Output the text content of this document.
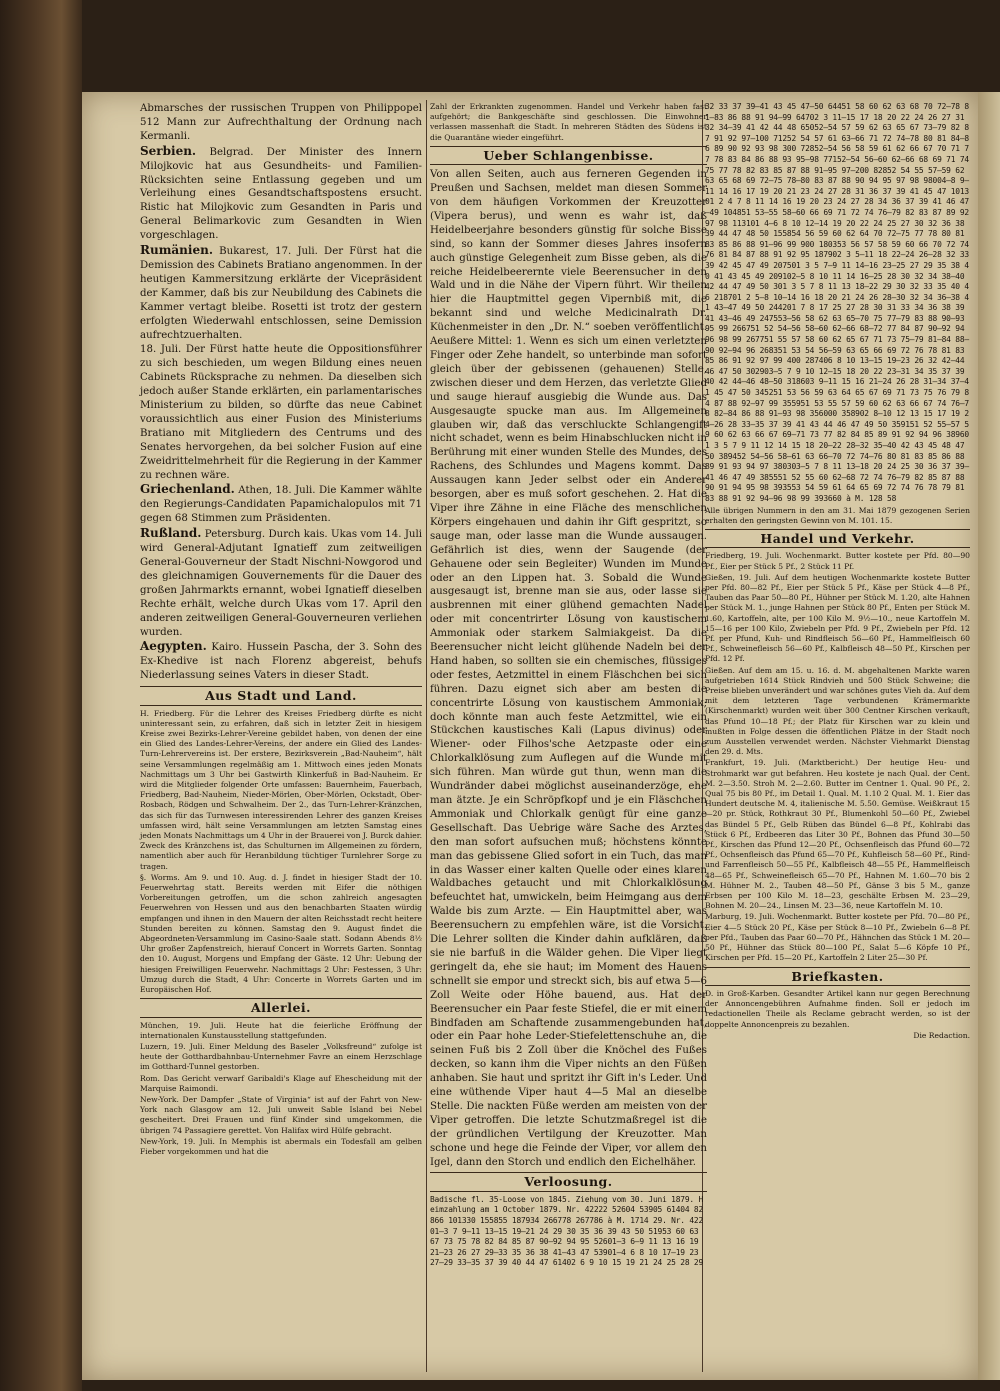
Abmarsches der russischen Truppen von Philippopel 512 Mann zur Aufrechthaltung der Ordnung nach Kermanli.

Serbien. Belgrad. Der Minister des Innern Milojkovic hat aus Gesundheits- und Familien-Rücksichten seine Entlassung gegeben und um Verleihung eines Gesandtschaftspostens ersucht. Ristic hat Milojkovic zum Gesandten in Paris und General Belimarkovic zum Gesandten in Wien vorgeschlagen.

Rumänien. Bukarest, 17. Juli. Der Fürst hat die Demission des Cabinets Bratiano angenommen. In der heutigen Kammersitzung erklärte der Vicepräsident der Kammer, daß bis zur Neubildung des Cabinets die Kammer vertagt bleibe. Rosetti ist trotz der gestern erfolgten Wiederwahl entschlossen, seine Demission aufrechtzuerhalten.

18. Juli. Der Fürst hatte heute die Oppositionsführer zu sich beschieden, um wegen Bildung eines neuen Cabinets Rücksprache zu nehmen. Da dieselben sich jedoch außer Stande erklärten, ein parlamentarisches Ministerium zu bilden, so dürfte das neue Cabinet voraussichtlich aus einer Fusion des Ministeriums Bratiano mit Mitgliedern des Centrums und des Senates hervorgehen, da bei solcher Fusion auf eine Zweidrittelmehrheit für die Regierung in der Kammer zu rechnen wäre.

Griechenland. Athen, 18. Juli. Die Kammer wählte den Regierungs-Candidaten Papamichalopulos mit 71 gegen 68 Stimmen zum Präsidenten.

Rußland. Petersburg. Durch kais. Ukas vom 14. Juli wird General-Adjutant Ignatieff zum zeitweiligen General-Gouverneur der Stadt Nischni-Nowgorod und des gleichnamigen Gouvernements für die Dauer des großen Jahrmarkts ernannt, wobei Ignatieff dieselben Rechte erhält, welche durch Ukas vom 17. April den anderen zeitweiligen General-Gouverneuren verliehen wurden.

Aegypten. Kairo. Hussein Pascha, der 3. Sohn des Ex-Khedive ist nach Florenz abgereist, behufs Niederlassung seines Vaters in dieser Stadt.

Aus Stadt und Land.

H. Friedberg. Für die Lehrer des Kreises Friedberg dürfte es nicht uninteressant sein, zu erfahren, daß sich in letzter Zeit in hiesigem Kreise zwei Bezirks-Lehrer-Vereine gebildet haben, von denen der eine ein Glied des Landes-Lehrer-Vereins, der andere ein Glied des Landes-Turn-Lehrervereins ist. Der erstere, Bezirksverein „Bad-Nauheim“, hält seine Versammlungen regelmäßig am 1. Mittwoch eines jeden Monats Nachmittags um 3 Uhr bei Gastwirth Klinkerfuß in Bad-Nauheim. Er wird die Mitglieder folgender Orte umfassen: Bauernheim, Fauerbach, Friedberg, Bad-Nauheim, Nieder-Mörlen, Ober-Mörlen, Ockstadt, Ober-Rosbach, Rödgen und Schwalheim. Der 2., das Turn-Lehrer-Kränzchen, das sich für das Turnwesen interessirenden Lehrer des ganzen Kreises umfassen wird, hält seine Versammlungen am letzten Samstag eines jeden Monats Nachmittags um 4 Uhr in der Brauerei von J. Burck dahier. Zweck des Kränzchens ist, das Schulturnen im Allgemeinen zu fördern, namentlich aber auch für Heranbildung tüchtiger Turnlehrer Sorge zu tragen.

§. Worms. Am 9. und 10. Aug. d. J. findet in hiesiger Stadt der 10. Feuerwehrtag statt. Bereits werden mit Eifer die nöthigen Vorbereitungen getroffen, um die schon zahlreich angesagten Feuerwehren von Hessen und aus den benachbarten Staaten würdig empfangen und ihnen in den Mauern der alten Reichsstadt recht heitere Stunden bereiten zu können. Samstag den 9. August findet die Abgeordneten-Versammlung im Casino-Saale statt. Sodann Abends 8½ Uhr großer Zapfenstreich, hierauf Concert in Worrets Garten. Sonntag den 10. August, Morgens und Empfang der Gäste. 12 Uhr: Uebung der hiesigen Freiwilligen Feuerwehr. Nachmittags 2 Uhr: Festessen, 3 Uhr: Umzug durch die Stadt, 4 Uhr: Concerte in Worrets Garten und im Europäischen Hof.

Allerlei.

München, 19. Juli. Heute hat die feierliche Eröffnung der internationalen Kunstausstellung stattgefunden.

Luzern, 19. Juli. Einer Meldung des Baseler „Volksfreund“ zufolge ist heute der Gotthardbahnbau-Unternehmer Favre an einem Herzschlage im Gotthard-Tunnel gestorben.

Rom. Das Gericht verwarf Garibaldi's Klage auf Ehescheidung mit der Marquise Raimondi.

New-York. Der Dampfer „State of Virginia“ ist auf der Fahrt von New-York nach Glasgow am 12. Juli unweit Sable Island bei Nebel gescheitert. Drei Frauen und fünf Kinder sind umgekommen, die übrigen 74 Passagiere gerettet. Von Halifax wird Hülfe gebracht.

New-York, 19. Juli. In Memphis ist abermals ein Todesfall am gelben Fieber vorgekommen und hat die

Zahl der Erkrankten zugenommen. Handel und Verkehr haben fast aufgehört; die Bankgeschäfte sind geschlossen. Die Einwohner verlassen massenhaft die Stadt. In mehreren Städten des Südens ist die Quarantäne wieder eingeführt.

Ueber Schlangenbisse.

Von allen Seiten, auch aus ferneren Gegenden in Preußen und Sachsen, meldet man diesen Sommer von dem häufigen Vorkommen der Kreuzotter (Vipera berus), und wenn es wahr ist, daß Heidelbeerjahre besonders günstig für solche Bisse sind, so kann der Sommer dieses Jahres insofern auch günstige Gelegenheit zum Bisse geben, als die reiche Heidelbeerernte viele Beerensucher in den Wald und in die Nähe der Vipern führt. Wir theilen hier die Hauptmittel gegen Vipernbiß mit, die bekannt sind und welche Medicinalrath Dr. Küchenmeister in den „Dr. N.“ soeben veröffentlicht. Aeußere Mittel: 1. Wenn es sich um einen verletzten Finger oder Zehe handelt, so unterbinde man sofort gleich über der gebissenen (gehauenen) Stelle, zwischen dieser und dem Herzen, das verletzte Glied und sauge hierauf ausgiebig die Wunde aus. Das Ausgesaugte spucke man aus. Im Allgemeinen glauben wir, daß das verschluckte Schlangengift nicht schadet, wenn es beim Hinabschlucken nicht in Berührung mit einer wunden Stelle des Mundes, des Rachens, des Schlundes und Magens kommt. Das Aussaugen kann Jeder selbst oder ein Anderer besorgen, aber es muß sofort geschehen. 2. Hat die Viper ihre Zähne in eine Fläche des menschlichen Körpers eingehauen und dahin ihr Gift gespritzt, so sauge man, oder lasse man die Wunde aussaugen. Gefährlich ist dies, wenn der Saugende (der Gehauene oder sein Begleiter) Wunden im Munde oder an den Lippen hat. 3. Sobald die Wunde ausgesaugt ist, brenne man sie aus, oder lasse sie ausbrennen mit einer glühend gemachten Nadel oder mit concentrirter Lösung von kaustischem Ammoniak oder starkem Salmiakgeist. Da die Beerensucher nicht leicht glühende Nadeln bei der Hand haben, so sollten sie ein chemisches, flüssiges oder festes, Aetzmittel in einem Fläschchen bei sich führen. Dazu eignet sich aber am besten die concentrirte Lösung von kaustischem Ammoniak; doch könnte man auch feste Aetzmittel, wie ein Stückchen kaustisches Kali (Lapus divinus) oder Wiener- oder Filhos'sche Aetzpaste oder eine Chlorkalklösung zum Auflegen auf die Wunde mit sich führen. Man würde gut thun, wenn man die Wundränder dabei möglichst auseinanderzöge, ehe man ätzte. Je ein Schröpfkopf und je ein Fläschchen Ammoniak und Chlorkalk genügt für eine ganze Gesellschaft. Das Uebrige wäre Sache des Arztes, den man sofort aufsuchen muß; höchstens könnte man das gebissene Glied sofort in ein Tuch, das man in das Wasser einer kalten Quelle oder eines klaren Waldbaches getaucht und mit Chlorkalklösung befeuchtet hat, umwickeln, beim Heimgang aus dem Walde bis zum Arzte. — Ein Hauptmittel aber, was Beerensuchern zu empfehlen wäre, ist die Vorsicht. Die Lehrer sollten die Kinder dahin aufklären, daß sie nie barfuß in die Wälder gehen. Die Viper liegt geringelt da, ehe sie haut; im Moment des Hauens schnellt sie empor und streckt sich, bis auf etwa 5—6 Zoll Weite oder Höhe bauend, aus. Hat der Beerensucher ein Paar feste Stiefel, die er mit einem Bindfaden am Schaftende zusammengebunden hat, oder ein Paar hohe Leder-Stiefelettenschuhe an, die seinen Fuß bis 2 Zoll über die Knöchel des Fußes decken, so kann ihm die Viper nichts an den Füßen anhaben. Sie haut und spritzt ihr Gift in's Leder. Und eine wüthende Viper haut 4—5 Mal an dieselbe Stelle. Die nackten Füße werden am meisten von der Viper getroffen. Die letzte Schutzmaßregel ist die der gründlichen Vertilgung der Kreuzotter. Man schone und hege die Feinde der Viper, vor allem den Igel, dann den Storch und endlich den Eichelhäher.

Verloosung.

Badische fl. 35-Loose von 1845. Ziehung vom 30. Juni 1879. Heimzahlung am 1 October 1879. Nr. 42222 52604 53905 61404 82866 101330 155855 187934 266778 267786 à M. 1714 29. Nr. 42201—3 7 9—11 13—15 19—21 24 29 30 35 36 39 43 50 51953 60 63 67 73 75 78 82 84 85 87 90—92 94 95 52601—3 6—9 11 13 16 19 21—23 26 27 29—33 35 36 38 41—43 47 53901—4 6 8 10 17—19 23 27—29 33—35 37 39 40 44 47 61402 6 9 10 15 19 21 24 25 28 29

32 33 37 39—41 43 45 47—50 64451 58 60 62 63 68 70 72—78 81—83 86 88 91 94—99 64702 3 11—15 17 18 20 22 24 26 27 31 32 34—39 41 42 44 48 65052—54 57 59 62 63 65 67 73—79 82 87 91 92 97—100 71252 54 57 61 63—66 71 72 74—78 80 81 84—86 89 90 92 93 98 300 72852—54 56 58 59 61 62 66 67 70 71 77 78 83 84 86 88 93 95—98 77152—54 56—60 62—66 68 69 71 74 75 77 78 82 83 85 87 88 91—95 97—200 82852 54 55 57—59 62 63 65 68 69 72—75 78—80 83 87 88 90 94 95 97 98 98004—8 9—11 14 16 17 19 20 21 23 24 27 28 31 36 37 39 41 45 47 101301 2 4 7 8 11 14 16 19 20 23 24 27 28 34 36 37 39 41 46 47—49 104851 53—55 58—60 66 69 71 72 74 76—79 82 83 87 89 92 97 98 113101 4—6 8 10 12—14 19 20 22 24 25 27 30 32 36 38 39 44 47 48 50 155854 56 59 60 62 64 70 72—75 77 78 80 81 83 85 86 88 91—96 99 900 180353 56 57 58 59 60 66 70 72 74 76 81 84 87 88 91 92 95 187902 3 5—11 18 22—24 26—28 32 33 39 42 45 47 49 207501 3 5 7—9 11 14—16 23—25 27 29 35 38 40 41 43 45 49 209102—5 8 10 11 14 16—25 28 30 32 34 38—40 42 44 47 49 50 301 3 5 7 8 11 13 18—22 29 30 32 33 35 40 46 218701 2 5—8 10—14 16 18 20 21 24 26 28—30 32 34 36—38 41 43—47 49 50 244201 7 8 17 25 27 28 30 31 33 34 36 38 39 41 43—46 49 247553—56 58 62 63 65—70 75 77—79 83 88 90—93 95 99 266751 52 54—56 58—60 62—66 68—72 77 84 87 90—92 94 96 98 99 267751 55 57 58 60 62 65 67 71 73 75—79 81—84 88—90 92—94 96 268351 53 54 56—59 63 65 66 69 72 76 78 81 83 85 86 91 92 97 99 400 287406 8 10 13—15 19—23 26 32 42—44 46 47 50 302903—5 7 9 10 12—15 18 20 22 23—31 34 35 37 39 40 42 44—46 48—50 318603 9—11 15 16 21—24 26 28 31—34 37—41 45 47 50 345251 53 56 59 63 64 65 67 69 71 73 75 76 79 84 87 88 92—97 99 355951 53 55 57 59 60 62 63 66 67 74 76—78 82—84 86 88 91—93 98 356000 358902 8—10 12 13 15 17 19 24—26 28 33—35 37 39 41 43 44 46 47 49 50 359151 52 55—57 59 60 62 63 66 67 69—71 73 77 82 84 85 89 91 92 94 96 389601 3 5 7 9 11 12 14 15 18 20—22 28—32 35—40 42 43 45 48 47 50 389452 54—56 58—61 63 66—70 72 74—76 80 81 83 85 86 88 89 91 93 94 97 380303—5 7 8 11 13—18 20 24 25 30 36 37 39—41 46 47 49 385551 52 55 60 62—68 72 74 76—79 82 85 87 88 90 91 94 95 98 393553 54 59 61 64 65 69 72 74 76 78 79 81 83 88 91 92 94—96 98 99 393660 à M. 128 58

Alle übrigen Nummern in den am 31. Mai 1879 gezogenen Serien erhalten den geringsten Gewinn von M. 101. 15.

Handel und Verkehr.

Friedberg, 19. Juli. Wochenmarkt. Butter kostete per Pfd. 80—90 Pf., Eier per Stück 5 Pf., 2 Stück 11 Pf.

Gießen, 19. Juli. Auf dem heutigen Wochenmarkte kostete Butter per Pfd. 80—82 Pf., Eier per Stück 5 Pf., Käse per Stück 4—8 Pf., Tauben das Paar 50—80 Pf., Hühner per Stück M. 1.20, alte Hahnen per Stück M. 1., junge Hahnen per Stück 80 Pf., Enten per Stück M. 1.60, Kartoffeln, alte, per 100 Kilo M. 9½—10., neue Kartoffeln M. 15—16 per 100 Kilo, Zwiebeln per Pfd. 9 Pf., Zwiebeln per Pfd. 12 Pf. per Pfund, Kuh- und Rindfleisch 56—60 Pf., Hammelfleisch 60 Pf., Schweinefleisch 56—60 Pf., Kalbfleisch 48—50 Pf., Kirschen per Pfd. 12 Pf.

Gießen. Auf dem am 15. u. 16. d. M. abgehaltenen Markte waren aufgetrieben 1614 Stück Rindvieh und 500 Stück Schweine; die Preise blieben unverändert und war schönes gutes Vieh da. Auf dem mit dem letzteren Tage verbundenen Krämermarkte (Kirschenmarkt) wurden weit über 300 Centner Kirschen verkauft, das Pfund 10—18 Pf.; der Platz für Kirschen war zu klein und mußten in Folge dessen die öffentlichen Plätze in der Stadt noch zum Ausstellen verwendet werden. Nächster Viehmarkt Dienstag den 29. d. Mts.

Frankfurt, 19. Juli. (Marktbericht.) Der heutige Heu- und Strohmarkt war gut befahren. Heu kostete je nach Qual. der Cent. M. 2—3.50. Stroh M. 2—2.60. Butter im Centner 1. Qual. 90 Pf., 2. Qual 75 bis 80 Pf., im Detail 1. Qual. M. 1.10 2 Qual. M. 1. Eier das Hundert deutsche M. 4, italienische M. 5.50. Gemüse. Weißkraut 15—20 pr. Stück, Rothkraut 30 Pf., Blumenkohl 50—60 Pf., Zwiebel das Bündel 5 Pf., Gelb Rüben das Bündel 6—8 Pf., Kohlrabi das Stück 6 Pf., Erdbeeren das Liter 30 Pf., Bohnen das Pfund 30—50 Pf., Kirschen das Pfund 12—20 Pf., Ochsenfleisch das Pfund 60—72 Pf., Ochsenfleisch das Pfund 65—70 Pf., Kuhfleisch 58—60 Pf., Rind- und Farrenfleisch 50—55 Pf., Kalbfleisch 48—55 Pf., Hammelfleisch 48—65 Pf., Schweinefleisch 65—70 Pf., Hahnen M. 1.60—70 bis 2 M. Hühner M. 2., Tauben 48—50 Pf., Gänse 3 bis 5 M., ganze Erbsen per 100 Kilo M. 18—23, geschälte Erbsen M. 23—29, Bohnen M. 20—24., Linsen M. 23—36, neue Kartoffeln M. 10.

Marburg, 19. Juli. Wochenmarkt. Butter kostete per Pfd. 70—80 Pf., Eier 4—5 Stück 20 Pf., Käse per Stück 8—10 Pf., Zwiebeln 6—8 Pf. per Pfd., Tauben das Paar 60—70 Pf., Hähnchen das Stück 1 M. 20—50 Pf., Hühner das Stück 80—100 Pf., Salat 5—6 Köpfe 10 Pf., Kirschen per Pfd. 15—20 Pf., Kartoffeln 2 Liter 25—30 Pf.

Briefkasten.

D. in Groß-Karben. Gesandter Artikel kann nur gegen Berechnung der Annoncengebühren Aufnahme finden. Soll er jedoch im redactionellen Theile als Reclame gebracht werden, so ist der doppelte Annoncenpreis zu bezahlen.

Die Redaction.
